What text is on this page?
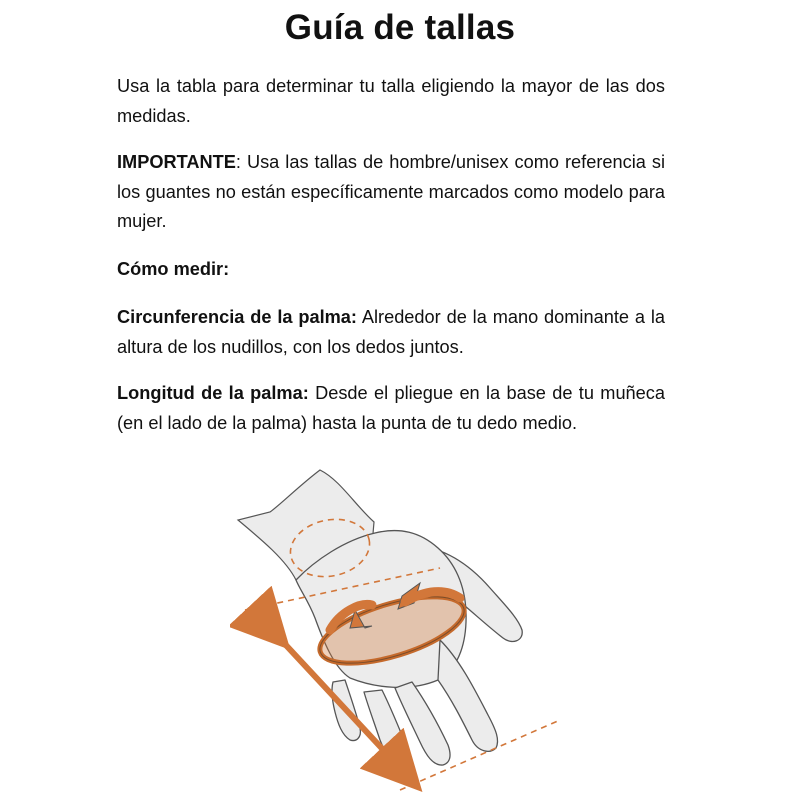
Guía de tallas

Usa la tabla para determinar tu talla eligiendo la mayor de las dos medidas.

IMPORTANTE: Usa las tallas de hombre/unisex como referencia si los guantes no están específicamente marcados como modelo para mujer.

Cómo medir:

Circunferencia de la palma: Alrededor de la mano dominante a la altura de los nudillos, con los dedos juntos.

Longitud de la palma: Desde el pliegue en la base de tu muñeca (en el lado de la palma) hasta la punta de tu dedo medio.
